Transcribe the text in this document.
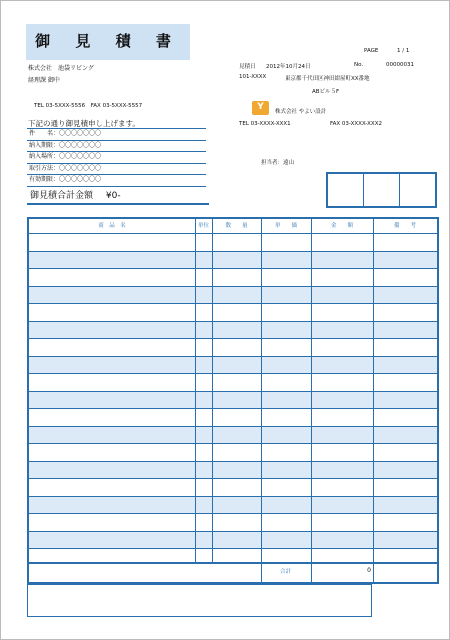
御 見 積 書
PAGE	1 / 1
見積日 2012年10月24日	No.	00000031
株式会社　池袋リビング
経理課 御中
TEL 03-5XXX-5556　FAX 03-5XXX-5557
101-XXXX	東京都千代田区神田紺屋町XX番地
ABビル５F
Y	株式会社 やよい設計
TEL 03-XXXX-XXX1	FAX 03-XXXX-XXX2
担当者：遠山
下記の通り御見積申し上げます。
件　　名：〇〇〇〇〇〇〇
納入期限：〇〇〇〇〇〇〇
納入場所：〇〇〇〇〇〇〇
取引方法：〇〇〇〇〇〇〇
有効期限：〇〇〇〇〇〇〇
御見積合計金額 ¥0-
商　品　名	単位	数　　量	単　　価	金　　額	備　　考
合計	0
